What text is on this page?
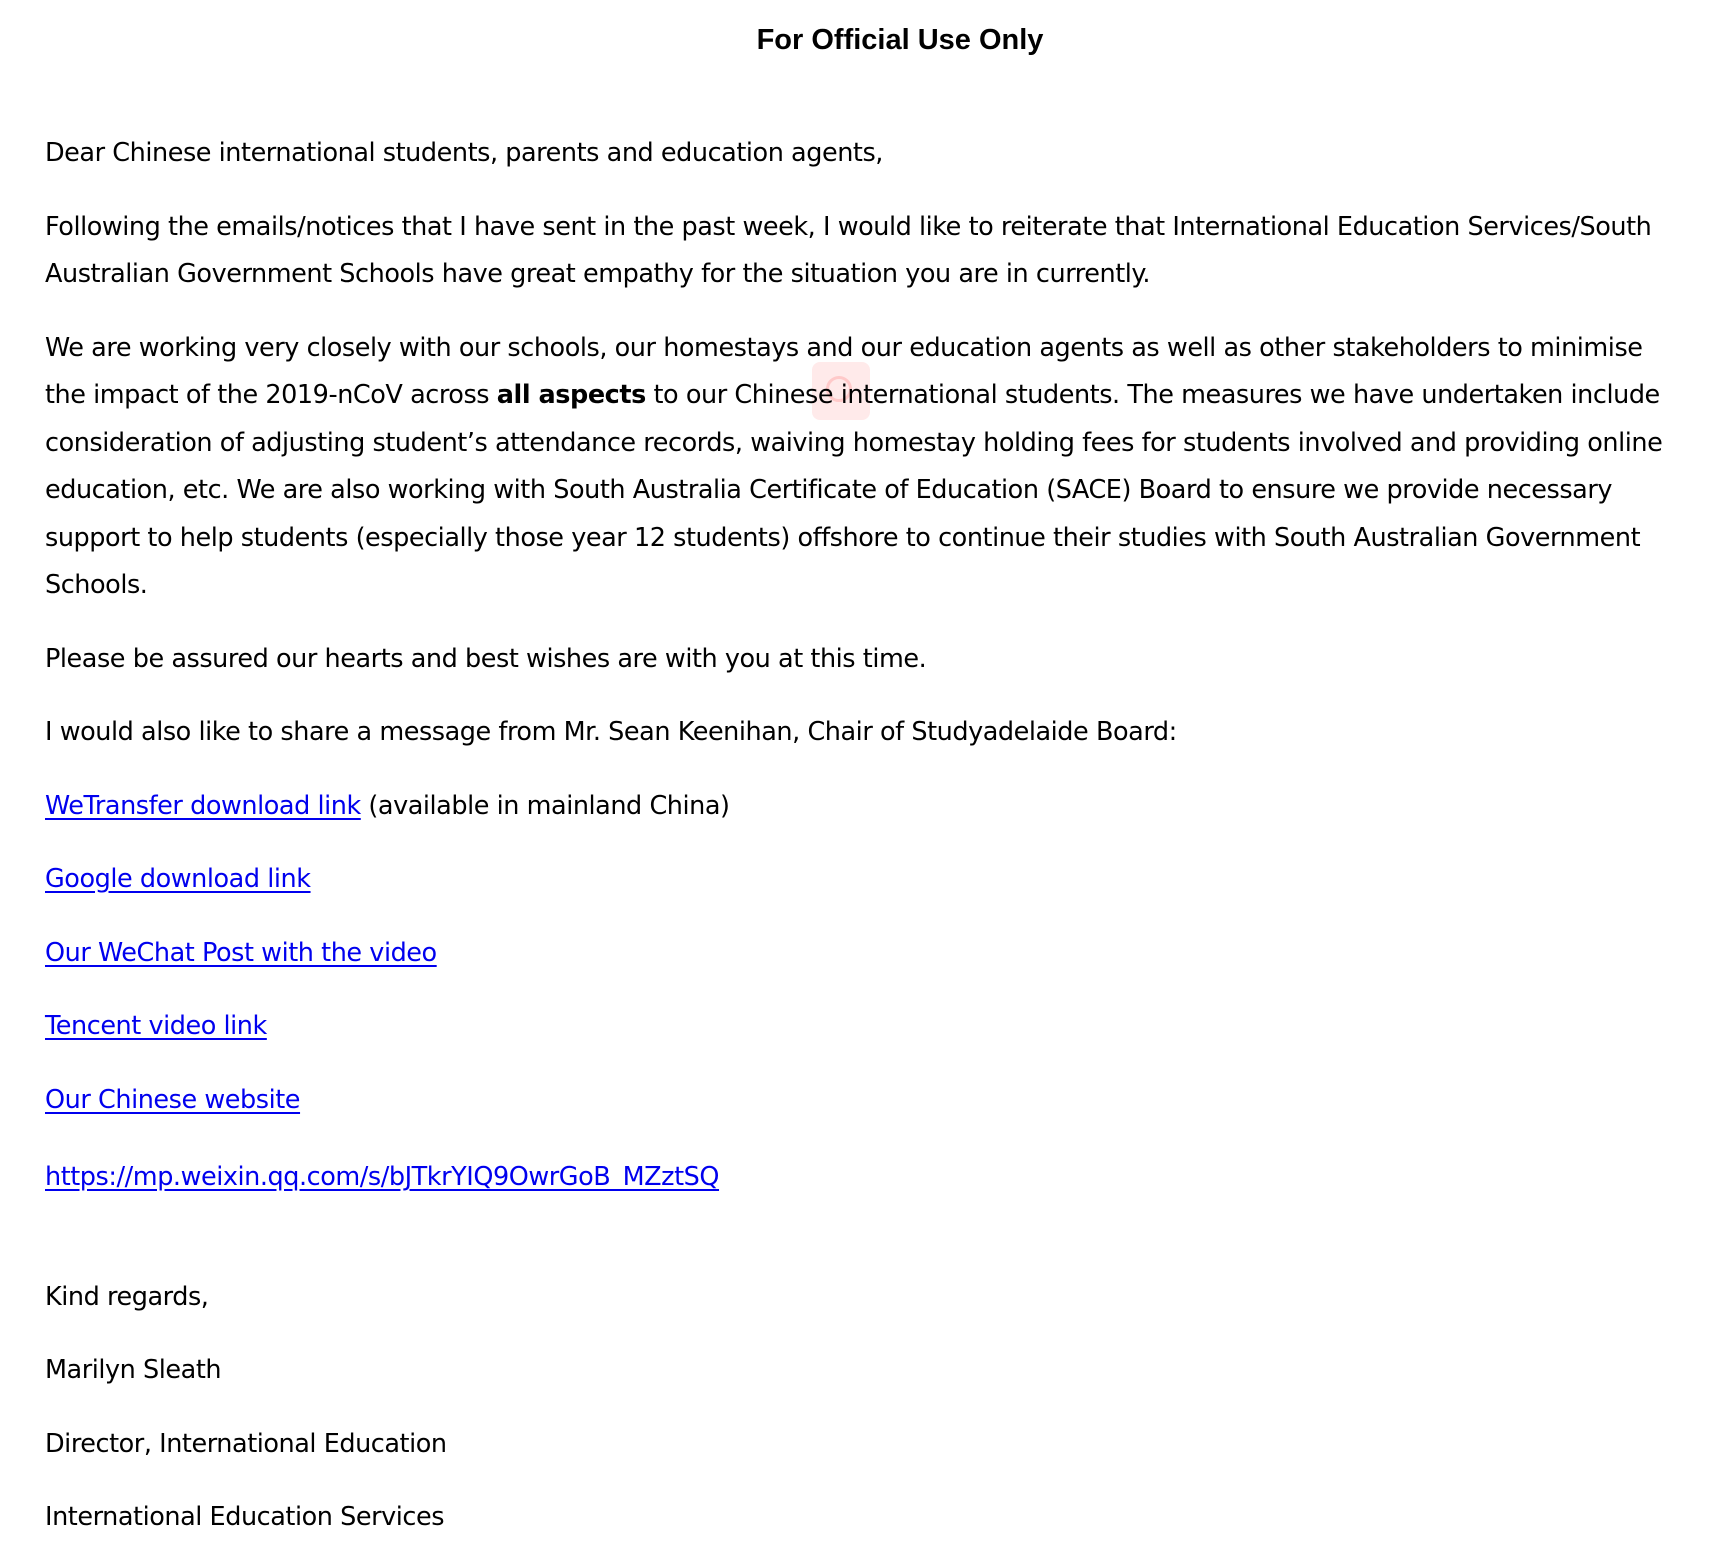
For Official Use Only
Dear Chinese international students, parents and education agents,
Following the emails/notices that I have sent in the past week, I would like to reiterate that International Education Services/South
Australian Government Schools have great empathy for the situation you are in currently.
We are working very closely with our schools, our homestays and our education agents as well as other stakeholders to minimise
the impact of the 2019-nCoV across all aspects to our Chinese international students. The measures we have undertaken include
consideration of adjusting student’s attendance records, waiving homestay holding fees for students involved and providing online
education, etc. We are also working with South Australia Certificate of Education (SACE) Board to ensure we provide necessary
support to help students (especially those year 12 students) offshore to continue their studies with South Australian Government
Schools.
Please be assured our hearts and best wishes are with you at this time.
I would also like to share a message from Mr. Sean Keenihan, Chair of Studyadelaide Board:
WeTransfer download link (available in mainland China)
Google download link
Our WeChat Post with the video
Tencent video link
Our Chinese website
https://mp.weixin.qq.com/s/bJTkrYIQ9OwrGoB_MZztSQ
Kind regards,
Marilyn Sleath
Director, International Education
International Education Services
